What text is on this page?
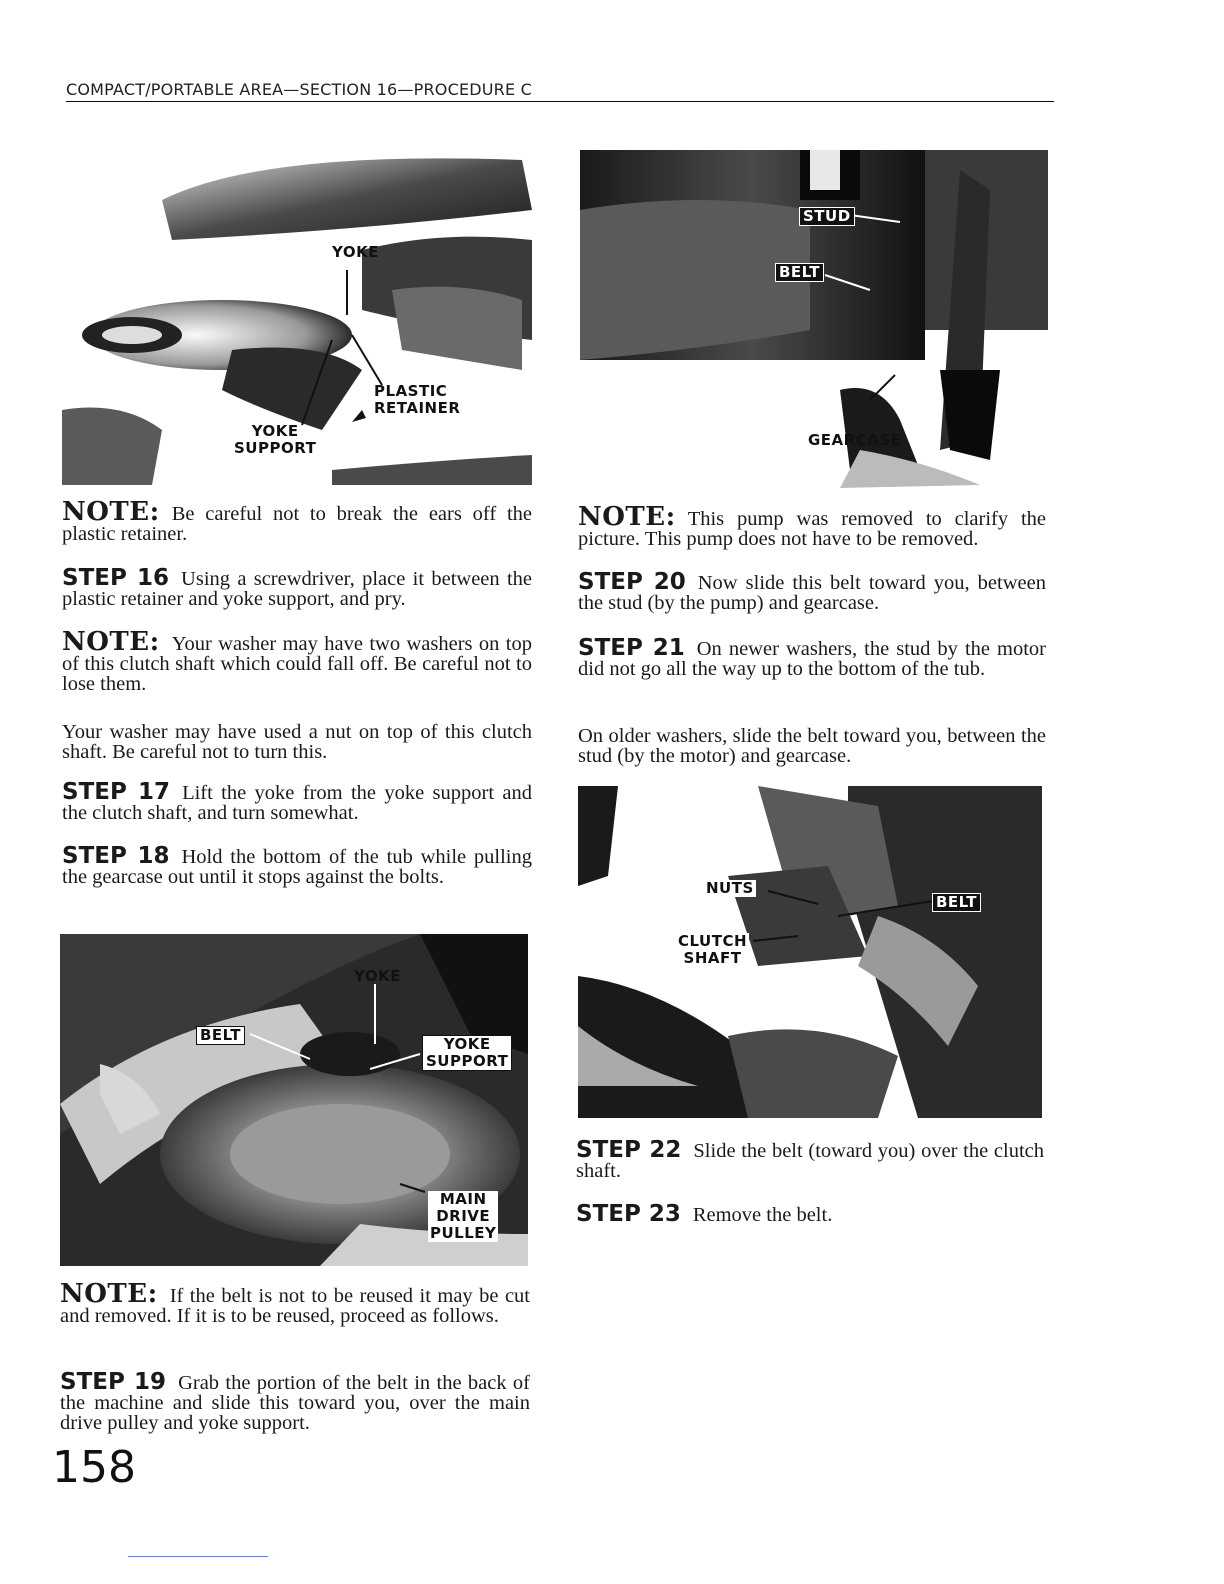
COMPACT/PORTABLE AREA—SECTION 16—PROCEDURE C
YOKE
PLASTIC
RETAINER
YOKE
SUPPORT
STUD
BELT
GEARCASE
YOKE
BELT	YOKE
SUPPORT
MAIN
DRIVE
PULLEY
NUTS
CLUTCH
SHAFT
BELT
NOTE: Be careful not to break the ears off the plastic retainer.
STEP 16 Using a screwdriver, place it between the plastic retainer and yoke support, and pry.
NOTE: Your washer may have two washers on top of this clutch shaft which could fall off. Be careful not to lose them.
Your washer may have used a nut on top of this clutch shaft. Be careful not to turn this.
STEP 17 Lift the yoke from the yoke support and the clutch shaft, and turn somewhat.
STEP 18 Hold the bottom of the tub while pulling the gearcase out until it stops against the bolts.
NOTE: If the belt is not to be reused it may be cut and removed. If it is to be reused, proceed as follows.
STEP 19 Grab the portion of the belt in the back of the machine and slide this toward you, over the main drive pulley and yoke support.
NOTE: This pump was removed to clarify the picture. This pump does not have to be removed.
STEP 20 Now slide this belt toward you, between the stud (by the pump) and gearcase.
STEP 21 On newer washers, the stud by the motor did not go all the way up to the bottom of the tub.
On older washers, slide the belt toward you, between the stud (by the motor) and gearcase.
STEP 22 Slide the belt (toward you) over the clutch shaft.
STEP 23 Remove the belt.
158
